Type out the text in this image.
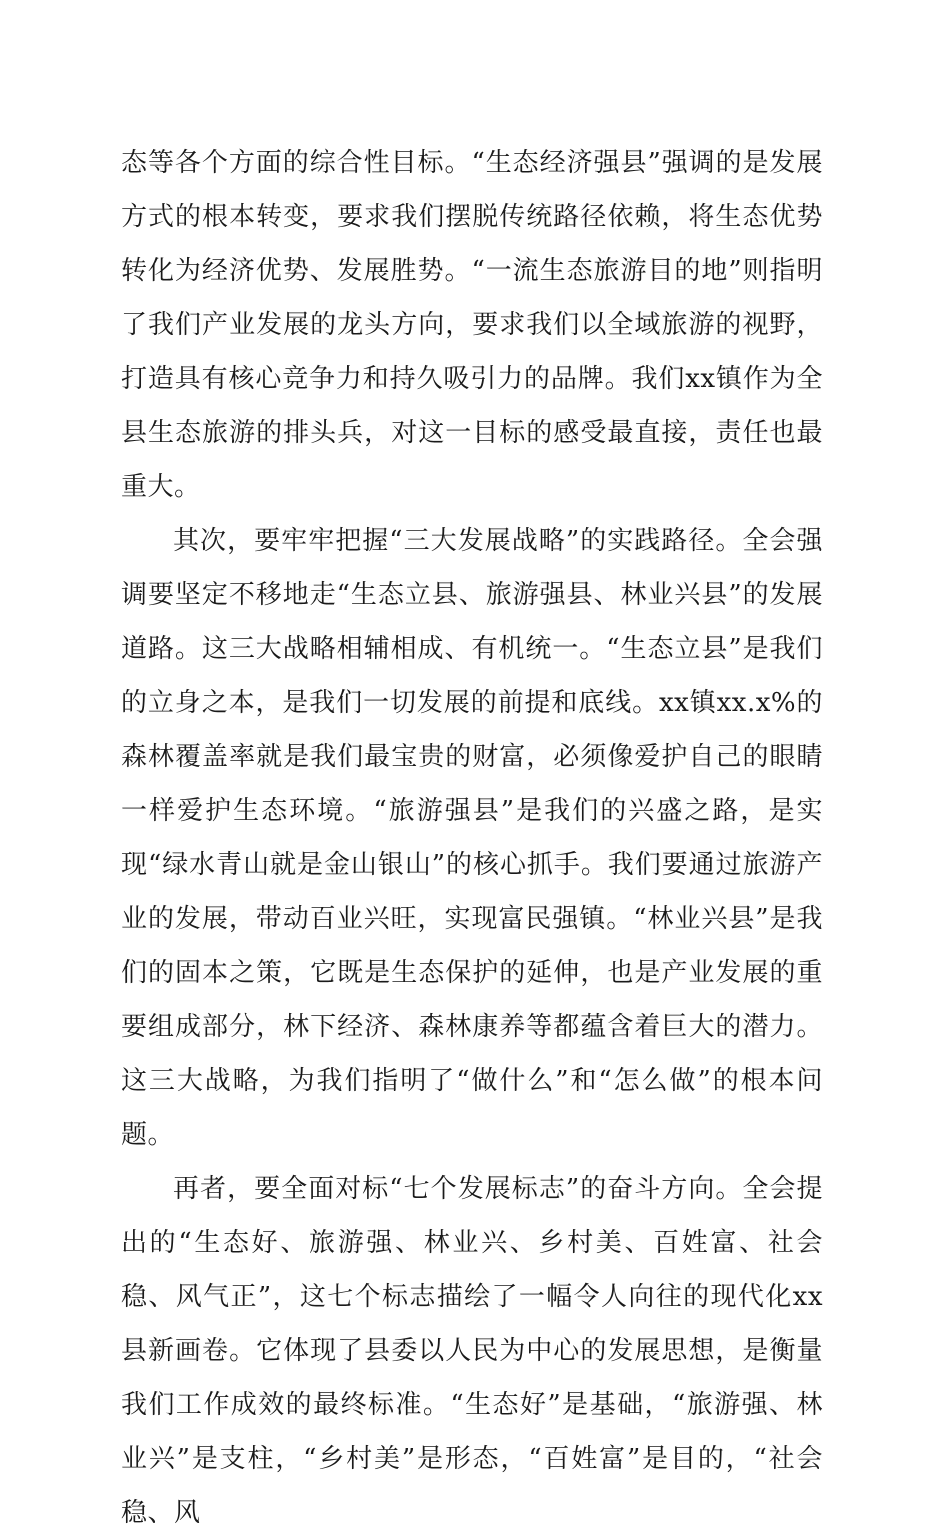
态等各个方面的综合性目标。“生态经济强县”强调的是发展方式的根本转变，要求我们摆脱传统路径依赖，将生态优势转化为经济优势、发展胜势。“一流生态旅游目的地”则指明了我们产业发展的龙头方向，要求我们以全域旅游的视野，打造具有核心竞争力和持久吸引力的品牌。我们xx镇作为全县生态旅游的排头兵，对这一目标的感受最直接，责任也最重大。

其次，要牢牢把握“三大发展战略”的实践路径。全会强调要坚定不移地走“生态立县、旅游强县、林业兴县”的发展道路。这三大战略相辅相成、有机统一。“生态立县”是我们的立身之本，是我们一切发展的前提和底线。xx镇xx.x%的森林覆盖率就是我们最宝贵的财富，必须像爱护自己的眼睛一样爱护生态环境。“旅游强县”是我们的兴盛之路，是实现“绿水青山就是金山银山”的核心抓手。我们要通过旅游产业的发展，带动百业兴旺，实现富民强镇。“林业兴县”是我们的固本之策，它既是生态保护的延伸，也是产业发展的重要组成部分，林下经济、森林康养等都蕴含着巨大的潜力。这三大战略，为我们指明了“做什么”和“怎么做”的根本问题。

再者，要全面对标“七个发展标志”的奋斗方向。全会提出的“生态好、旅游强、林业兴、乡村美、百姓富、社会稳、风气正”，这七个标志描绘了一幅令人向往的现代化xx县新画卷。它体现了县委以人民为中心的发展思想，是衡量我们工作成效的最终标准。“生态好”是基础，“旅游强、林业兴”是支柱，“乡村美”是形态，“百姓富”是目的，“社会稳、风
